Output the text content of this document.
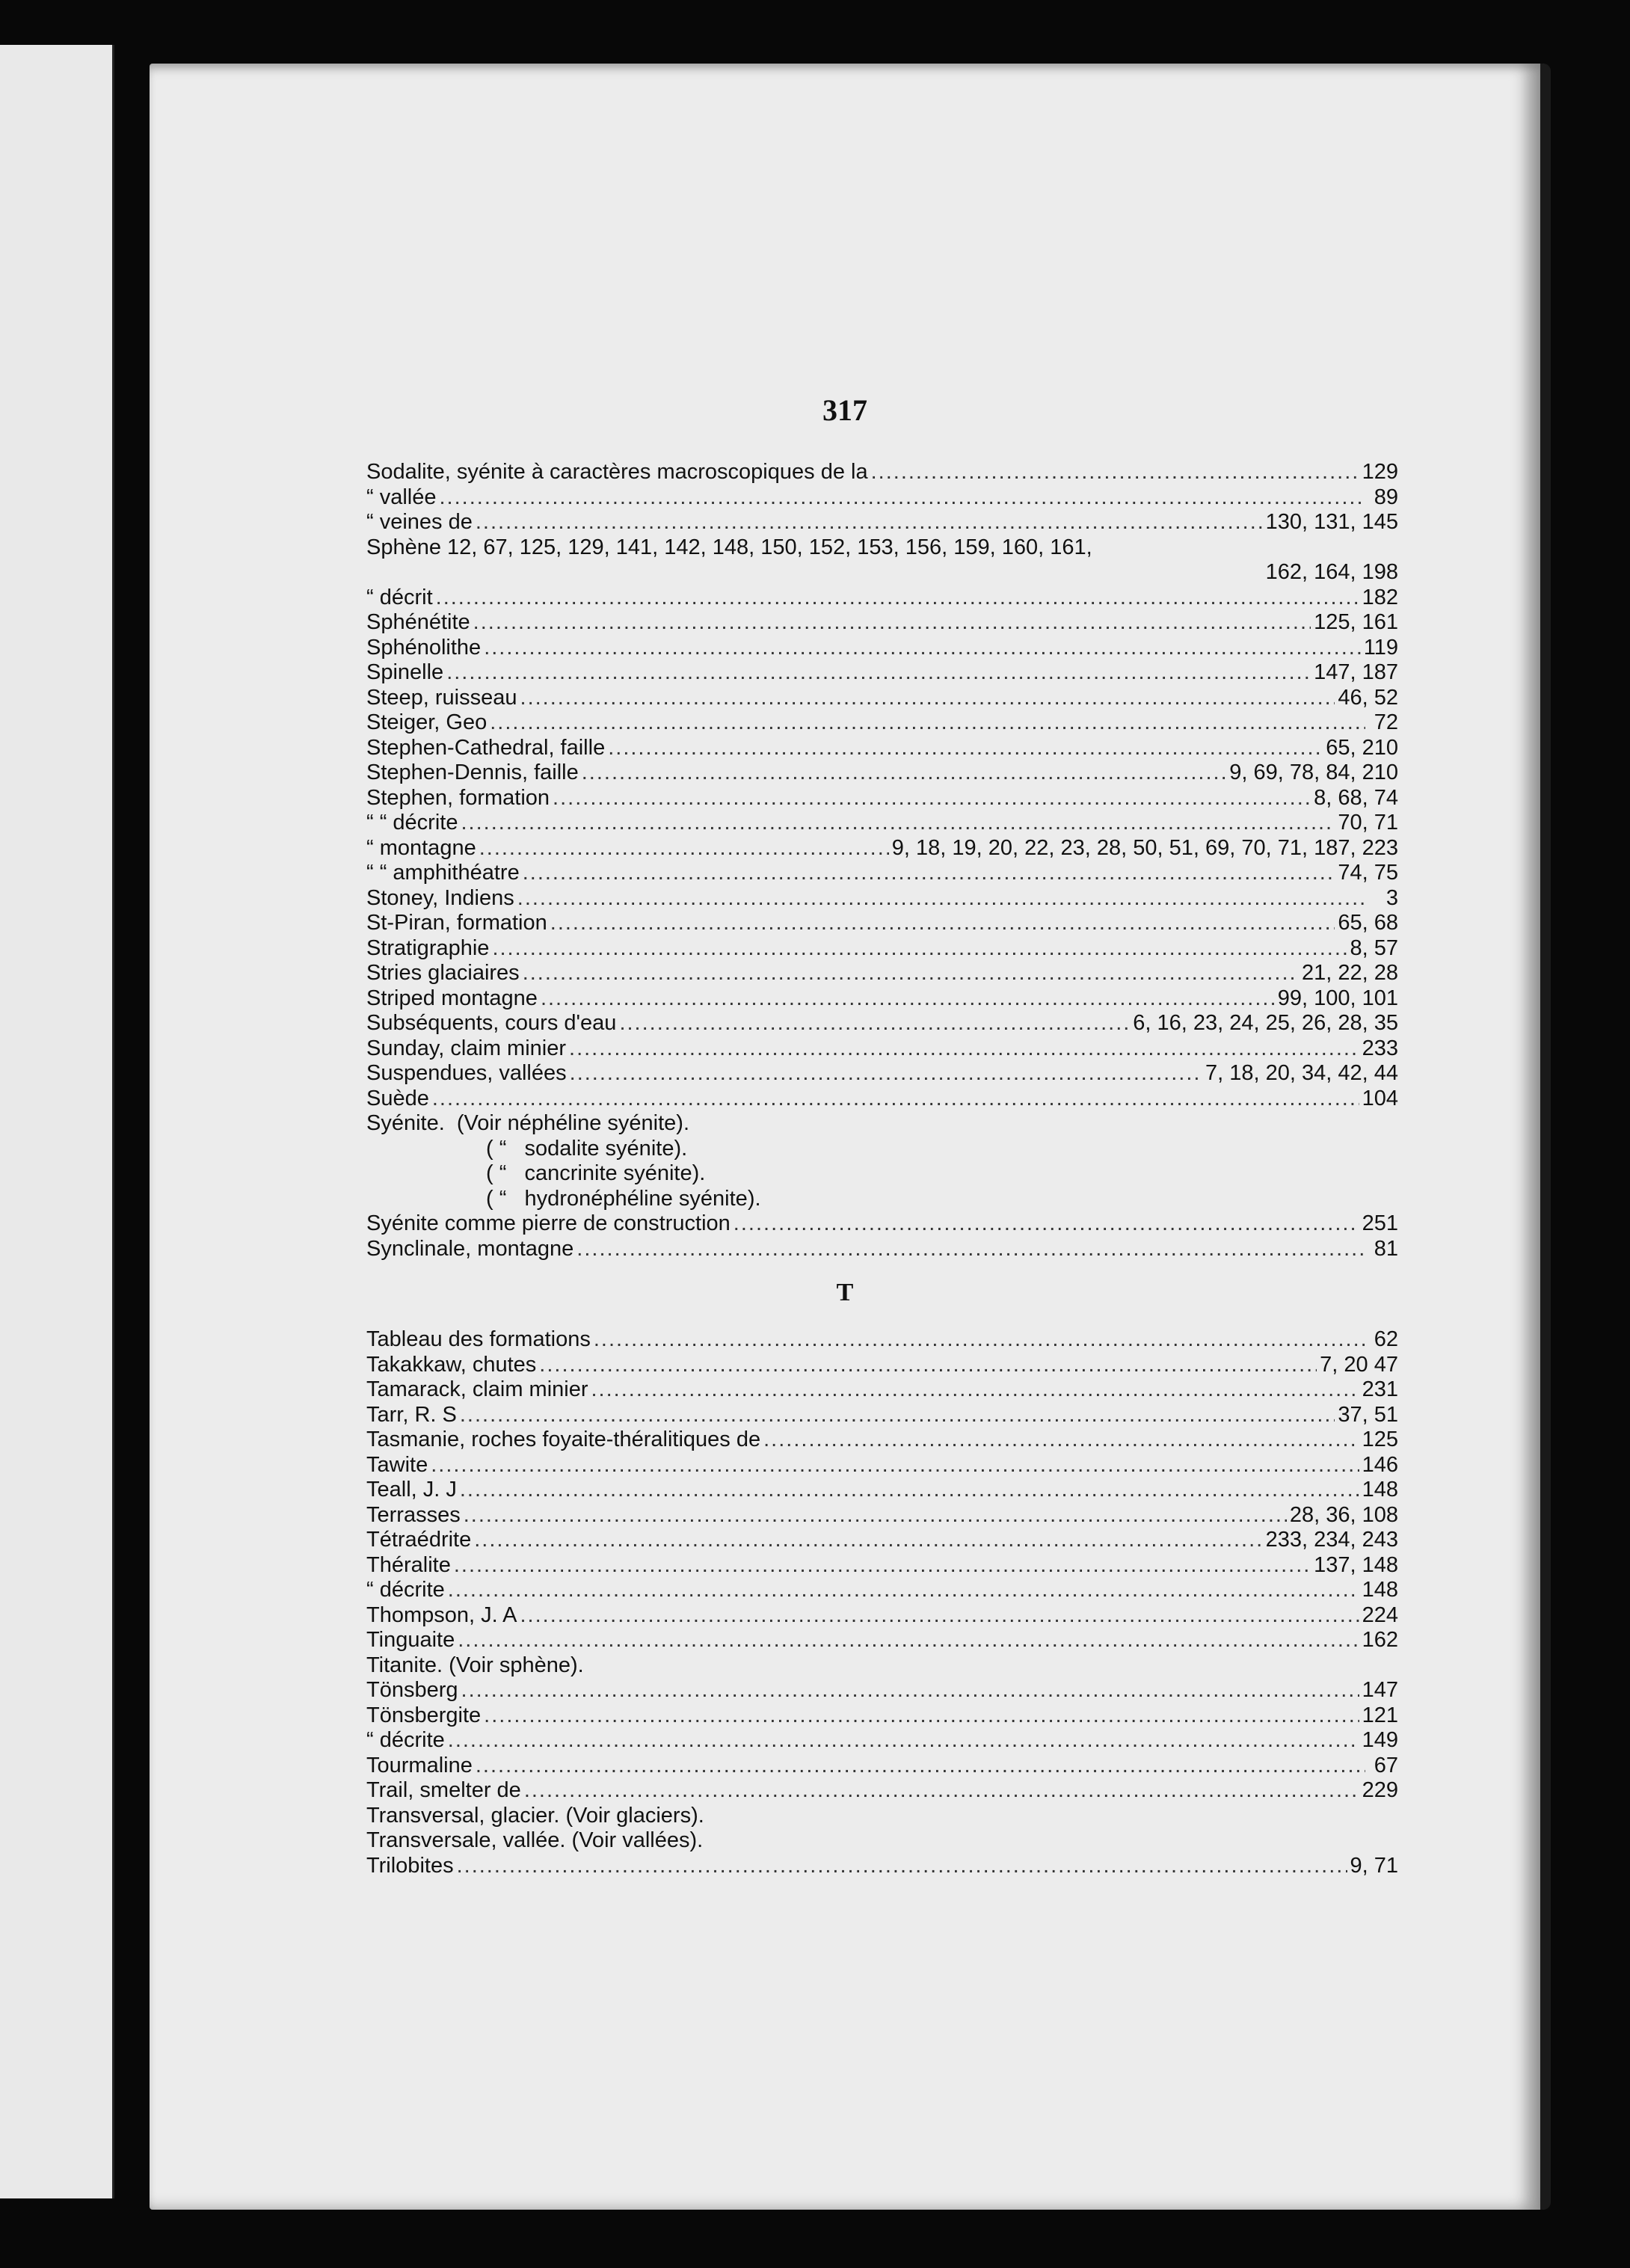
317
Sodalite, syénite à caractères macroscopiques de la .....	129
“ vallée .....	89
“ veines de .....	130, 131, 145
Sphène 12, 67, 125, 129, 141, 142, 148, 150, 152, 153, 156, 159, 160, 161,
162, 164, 198
“ décrit .....	182
Sphénétite .....	125, 161
Sphénolithe .....	119
Spinelle .....	147, 187
Steep, ruisseau .....	46, 52
Steiger, Geo .....	72
Stephen-Cathedral, faille .....	65, 210
Stephen-Dennis, faille .....	9, 69, 78, 84, 210
Stephen, formation .....	8, 68, 74
“ “ décrite .....	70, 71
“ montagne .....	9, 18, 19, 20, 22, 23, 28, 50, 51, 69, 70, 71, 187, 223
“ “ amphithéatre .....	74, 75
Stoney, Indiens .....	3
St-Piran, formation .....	65, 68
Stratigraphie .....	8, 57
Stries glaciaires .....	21, 22, 28
Striped montagne .....	99, 100, 101
Subséquents, cours d'eau .....	6, 16, 23, 24, 25, 26, 28, 35
Sunday, claim minier .....	233
Suspendues, vallées .....	7, 18, 20, 34, 42, 44
Suède .....	104
Syénite.  (Voir néphéline syénite).
( “   sodalite syénite).
( “   cancrinite syénite).
( “   hydronéphéline syénite).
Syénite comme pierre de construction .....	251
Synclinale, montagne .....	81
T
Tableau des formations .....	62
Takakkaw, chutes .....	7, 20 47
Tamarack, claim minier .....	231
Tarr, R. S .....	37, 51
Tasmanie, roches foyaite-théralitiques de .....	125
Tawite .....	146
Teall, J. J .....	148
Terrasses .....	28, 36, 108
Tétraédrite .....	233, 234, 243
Théralite .....	137, 148
“ décrite .....	148
Thompson, J. A .....	224
Tinguaite .....	162
Titanite. (Voir sphène).
Tönsberg .....	147
Tönsbergite .....	121
“ décrite .....	149
Tourmaline .....	67
Trail, smelter de .....	229
Transversal, glacier. (Voir glaciers).
Transversale, vallée. (Voir vallées).
Trilobites .....	9, 71
